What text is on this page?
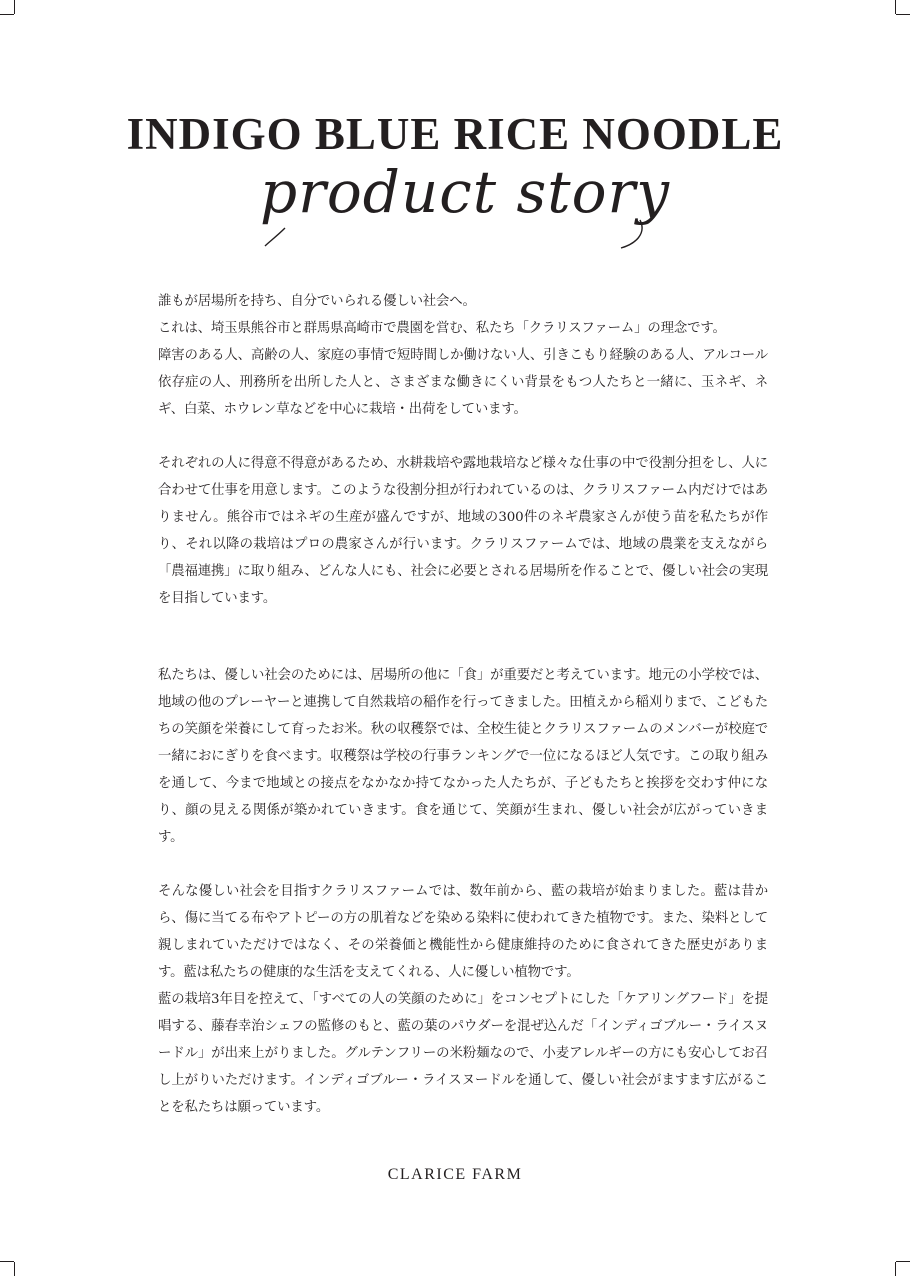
INDIGO BLUE RICE NOODLE
product story

誰もが居場所を持ち、自分でいられる優しい社会へ。

これは、埼玉県熊谷市と群馬県高崎市で農園を営む、私たち「クラリスファーム」の理念です。

障害のある人、高齢の人、家庭の事情で短時間しか働けない人、引きこもり経験のある人、アルコール依存症の人、刑務所を出所した人と、さまざまな働きにくい背景をもつ人たちと一緒に、玉ネギ、ネギ、白菜、ホウレン草などを中心に栽培・出荷をしています。

それぞれの人に得意不得意があるため、水耕栽培や露地栽培など様々な仕事の中で役割分担をし、人に合わせて仕事を用意します。このような役割分担が行われているのは、クラリスファーム内だけではありません。熊谷市ではネギの生産が盛んですが、地域の300件のネギ農家さんが使う苗を私たちが作り、それ以降の栽培はプロの農家さんが行います。クラリスファームでは、地域の農業を支えながら「農福連携」に取り組み、どんな人にも、社会に必要とされる居場所を作ることで、優しい社会の実現を目指しています。

私たちは、優しい社会のためには、居場所の他に「食」が重要だと考えています。地元の小学校では、地域の他のプレーヤーと連携して自然栽培の稲作を行ってきました。田植えから稲刈りまで、こどもたちの笑顔を栄養にして育ったお米。秋の収穫祭では、全校生徒とクラリスファームのメンバーが校庭で一緒におにぎりを食べます。収穫祭は学校の行事ランキングで一位になるほど人気です。この取り組みを通して、今まで地域との接点をなかなか持てなかった人たちが、子どもたちと挨拶を交わす仲になり、顔の見える関係が築かれていきます。食を通じて、笑顔が生まれ、優しい社会が広がっていきます。

そんな優しい社会を目指すクラリスファームでは、数年前から、藍の栽培が始まりました。藍は昔から、傷に当てる布やアトピーの方の肌着などを染める染料に使われてきた植物です。また、染料として親しまれていただけではなく、その栄養価と機能性から健康維持のために食されてきた歴史があります。藍は私たちの健康的な生活を支えてくれる、人に優しい植物です。

藍の栽培3年目を控えて、「すべての人の笑顔のために」をコンセプトにした「ケアリングフード」を提唱する、藤春幸治シェフの監修のもと、藍の葉のパウダーを混ぜ込んだ「インディゴブルー・ライスヌードル」が出来上がりました。グルテンフリーの米粉麺なので、小麦アレルギーの方にも安心してお召し上がりいただけます。インディゴブルー・ライスヌードルを通して、優しい社会がますます広がることを私たちは願っています。

CLARICE FARM
